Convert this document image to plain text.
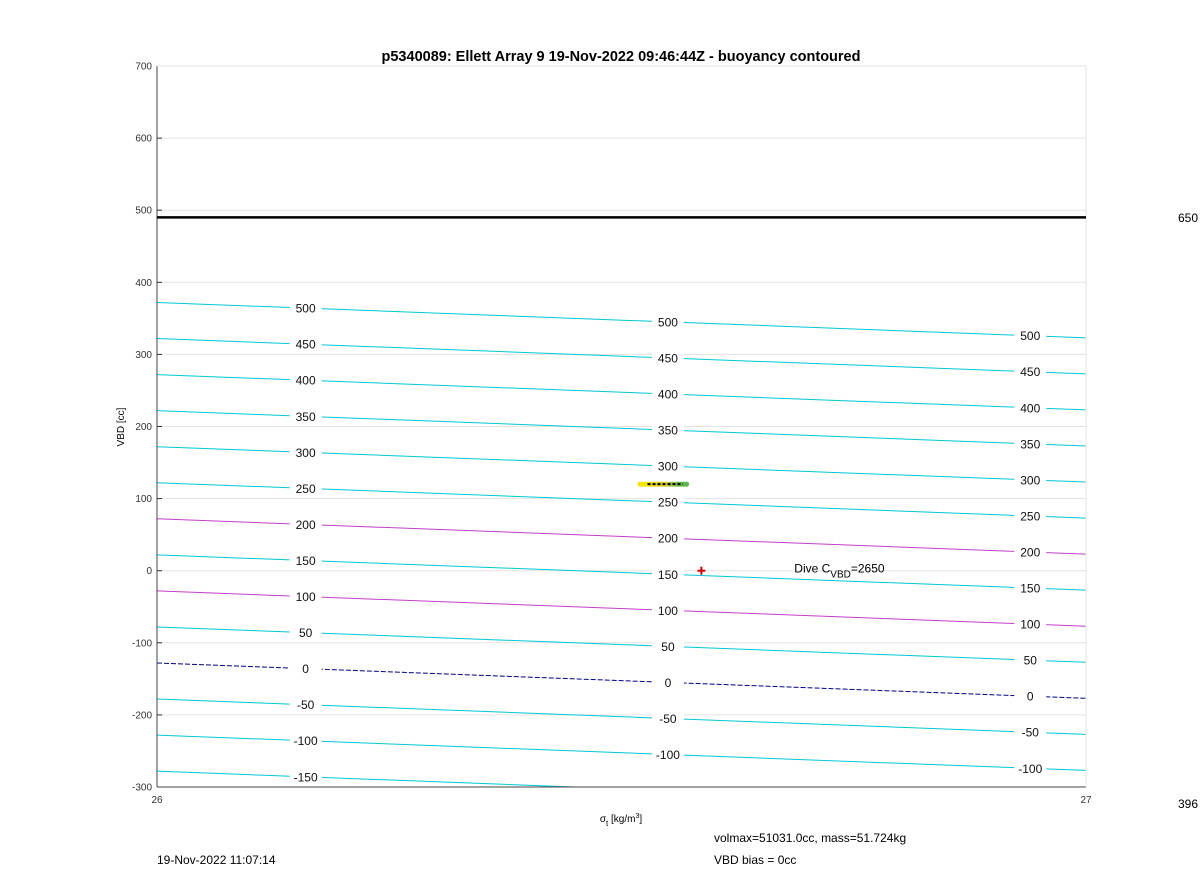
500
500
500
450
450
450
400
400
400
350
350
350
300
300
300
250
250
250
200
200
200
150
150
150
100
100
100
50
50
50
0
0
0
-50
-50
-50
-100
-100
-100
-150
700
600
500
400
300
200
100
0
-100
-200
-300
26	27
p5340089: Ellett Array 9 19-Nov-2022 09:46:44Z - buoyancy contoured
VBD [cc]
$\sigma_t$ $[kg/m^3]$
Dive $C_{VBD}=2650$
650
396
19-Nov-2022 11:07:14
volmax=51031.0cc, mass=51.724kg
VBD bias = 0cc
